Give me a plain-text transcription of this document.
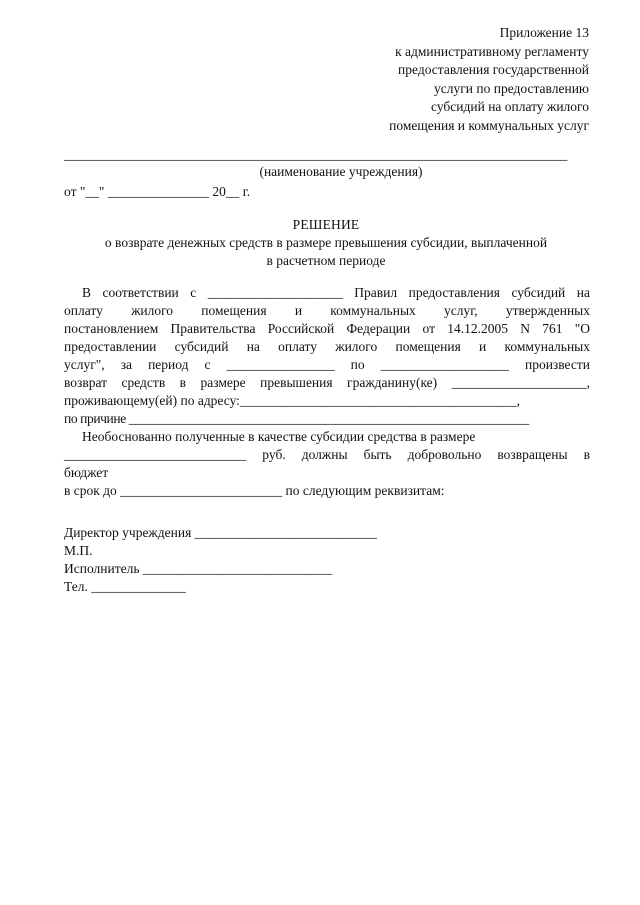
Приложение 13
к административному регламенту
предоставления государственной
услуги по предоставлению
субсидий на оплату жилого
помещения и коммунальных услуг
______________________________________________________________________________
(наименование учреждения)
от "__" _______________ 20__ г.
РЕШЕНИЕ
о возврате денежных средств в размере превышения субсидии, выплаченной
в расчетном периоде
В соответствии с ____________________ Правил предоставления субсидий на
оплату жилого помещения и коммунальных услуг, утвержденных
постановлением Правительства Российской Федерации от 14.12.2005 N 761 "О
предоставлении субсидий на оплату жилого помещения и коммунальных
услуг", за период с ________________ по ___________________ произвести
возврат средств в размере превышения гражданину(ке) ____________________,
проживающему(ей) по адресу:_________________________________________,
по причине _______________________________________________________________
Необоснованно полученные в качестве субсидии средства в размере
___________________________ руб. должны быть добровольно возвращены в
бюджет
в срок до ________________________ по следующим реквизитам:
Директор учреждения ___________________________
М.П.
Исполнитель ____________________________
Тел. ______________
